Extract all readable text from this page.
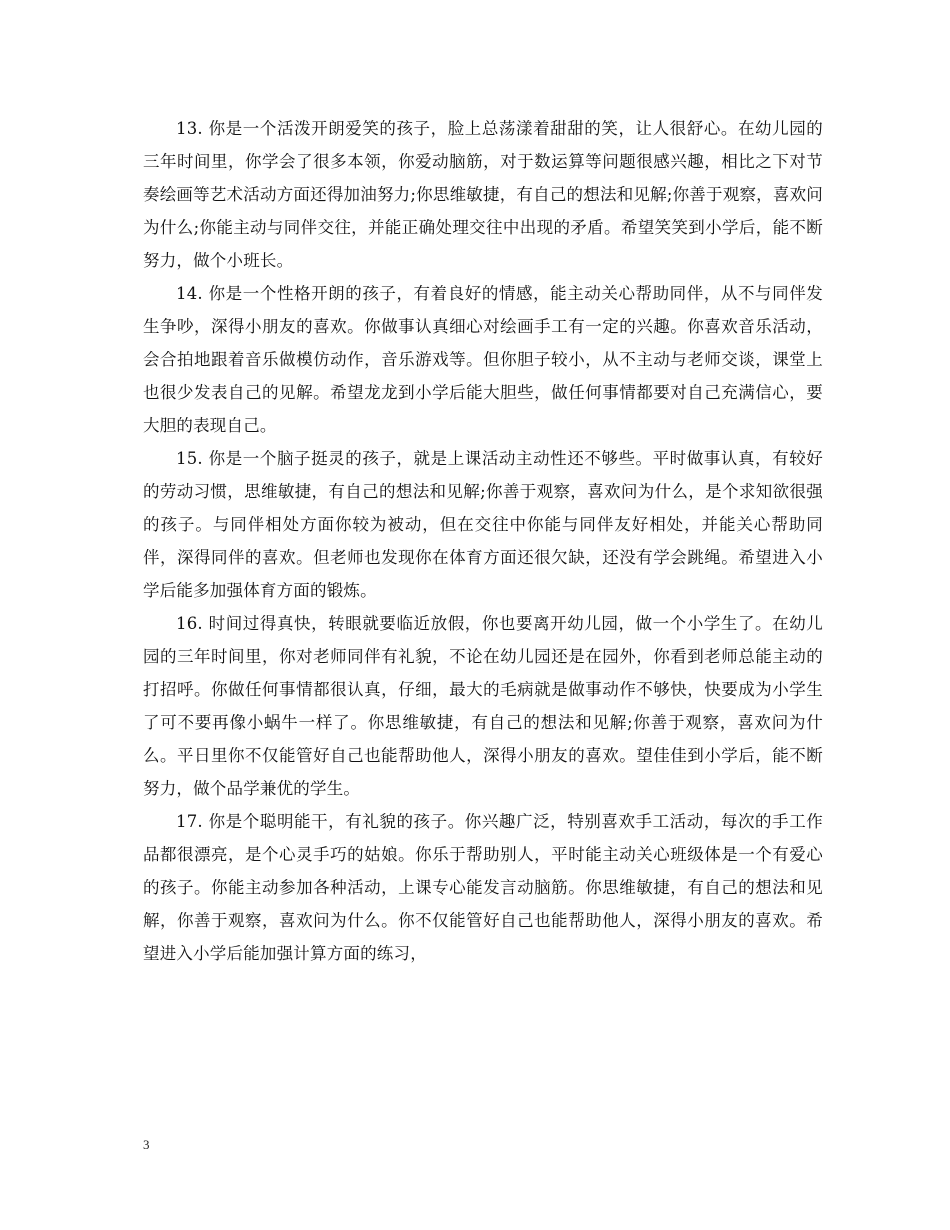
13. 你是一个活泼开朗爱笑的孩子，脸上总荡漾着甜甜的笑，让人很舒心。在幼儿园的三年时间里，你学会了很多本领，你爱动脑筋，对于数运算等问题很感兴趣，相比之下对节奏绘画等艺术活动方面还得加油努力;你思维敏捷，有自己的想法和见解;你善于观察，喜欢问为什么;你能主动与同伴交往，并能正确处理交往中出现的矛盾。希望笑笑到小学后，能不断努力，做个小班长。

14. 你是一个性格开朗的孩子，有着良好的情感，能主动关心帮助同伴，从不与同伴发生争吵，深得小朋友的喜欢。你做事认真细心对绘画手工有一定的兴趣。你喜欢音乐活动，会合拍地跟着音乐做模仿动作，音乐游戏等。但你胆子较小，从不主动与老师交谈，课堂上也很少发表自己的见解。希望龙龙到小学后能大胆些，做任何事情都要对自己充满信心，要大胆的表现自己。

15. 你是一个脑子挺灵的孩子，就是上课活动主动性还不够些。平时做事认真，有较好的劳动习惯，思维敏捷，有自己的想法和见解;你善于观察，喜欢问为什么，是个求知欲很强的孩子。与同伴相处方面你较为被动，但在交往中你能与同伴友好相处，并能关心帮助同伴，深得同伴的喜欢。但老师也发现你在体育方面还很欠缺，还没有学会跳绳。希望进入小学后能多加强体育方面的锻炼。

16. 时间过得真快，转眼就要临近放假，你也要离开幼儿园，做一个小学生了。在幼儿园的三年时间里，你对老师同伴有礼貌，不论在幼儿园还是在园外，你看到老师总能主动的打招呼。你做任何事情都很认真，仔细，最大的毛病就是做事动作不够快，快要成为小学生了可不要再像小蜗牛一样了。你思维敏捷，有自己的想法和见解;你善于观察，喜欢问为什么。平日里你不仅能管好自己也能帮助他人，深得小朋友的喜欢。望佳佳到小学后，能不断努力，做个品学兼优的学生。

17. 你是个聪明能干，有礼貌的孩子。你兴趣广泛，特别喜欢手工活动，每次的手工作品都很漂亮，是个心灵手巧的姑娘。你乐于帮助别人，平时能主动关心班级体是一个有爱心的孩子。你能主动参加各种活动，上课专心能发言动脑筋。你思维敏捷，有自己的想法和见解，你善于观察，喜欢问为什么。你不仅能管好自己也能帮助他人，深得小朋友的喜欢。希望进入小学后能加强计算方面的练习，

3
